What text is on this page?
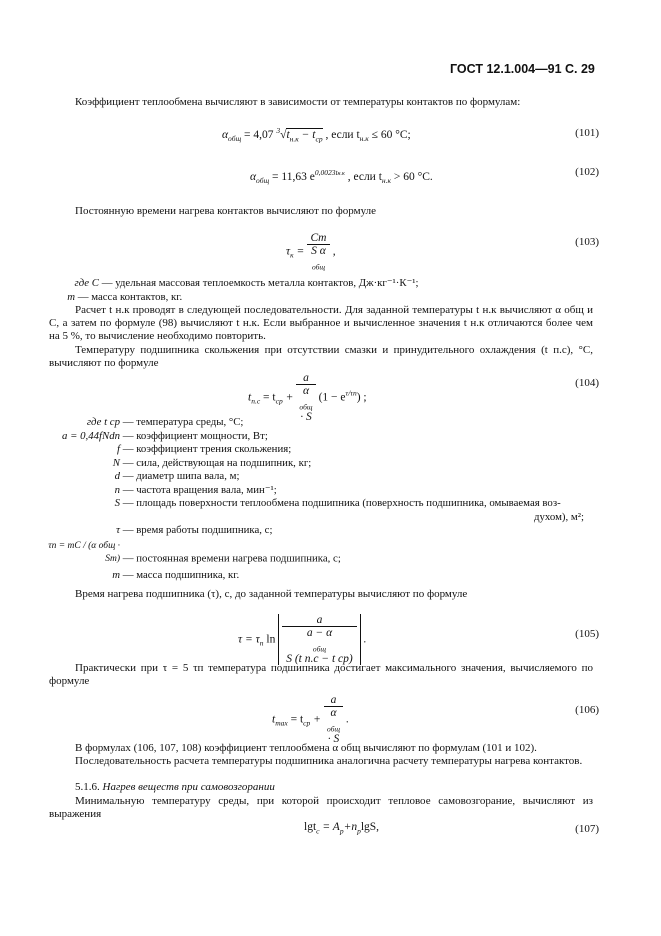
ГОСТ 12.1.004—91 С. 29
Коэффициент теплообмена вычисляют в зависимости от температуры контактов по формулам:
$\alpha_{общ} = 4,07$ $^3√t_{н.к} - t_{ср}$ , если $t_{н.к} \le 60$ °С;	(101)
$\alpha_{общ} = 11,63$ $e^{0,0023tн.к}$ , если $t_{н.к} > 60$ °С.	(102)
Постоянную времени нагрева контактов вычисляют по формуле
$\tau_к = Cm$
S α
$_{общ}$ ,
(103)
где C — удельная массовая теплоемкость металла контактов, Дж·кг⁻¹·К⁻¹;
m — масса контактов, кг.
Расчет t н.к проводят в следующей последовательности. Для заданной температуры t н.к вычисляют α общ и С, а затем по формуле (98) вычисляют t н.к. Если выбранное и вычисленное значения t н.к отличаются более чем на 5 %, то вычисление необходимо повторить.
Температуру подшипника скольжения при отсутствии смазки и принудительного охлаждения (t п.с), °С, вычисляют по формуле
$t_{п.с} = t_{ср} + a$
α
$_{общ}$
· S $(1 - e^{\tau/\tau п})$ ;
(104)
где t ср — температура среды, °С;
a = 0,44fNdn — коэффициент мощности, Вт;
f — коэффициент трения скольжения;
N — сила, действующая на подшипник, кг;
d — диаметр шипа вала, м;
n — частота вращения вала, мин⁻¹;
S — площадь поверхности теплообмена подшипника (поверхность подшипника, омываемая воз-
духом), м²;
τ — время работы подшипника, с;
τп = mC / (α общ · Sm) — постоянная времени нагрева подшипника, с;
m — масса подшипника, кг.
Время нагрева подшипника (τ), с, до заданной температуры вычисляют по формуле
$\tau = \tau_п$ ln a
a − α
$_{общ}$
S (t п.с − t ср) .	(105)
Практически при τ = 5 τп температура подшипника достигает максимального значения, вычисляемого по формуле
$t_{max} = t_{ср} + a$
α
$_{общ}$
· S .
(106)
В формулах (106, 107, 108) коэффициент теплообмена α общ вычисляют по формулам (101 и 102).
Последовательность расчета температуры подшипника аналогична расчету температуры нагрева контактов.
5.1.6. Нагрев веществ при самовозгорании
Минимальную температуру среды, при которой происходит тепловое самовозгорание, вычисляют из выражения
$\lg t_c = A_p+n_p\lg S$,	(107)
